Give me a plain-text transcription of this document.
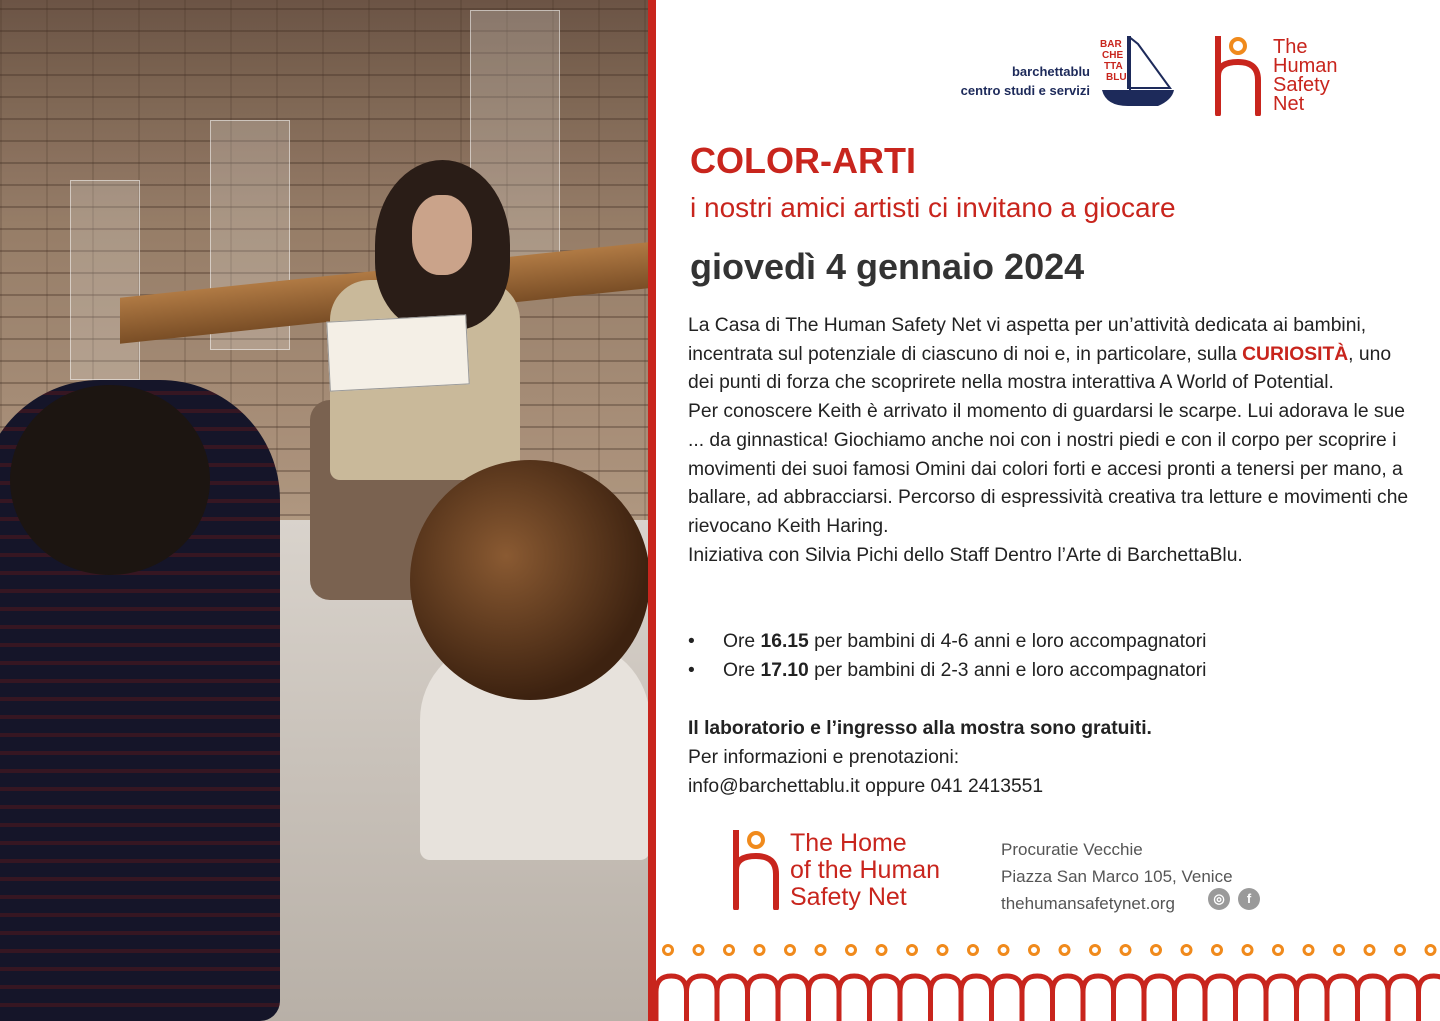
barchettablu
centro studi e servizi
BAR
CHE
TTA
BLU
The
Human
Safety
Net
COLOR-ARTI
i nostri amici artisti ci invitano a giocare
giovedì 4 gennaio 2024

La Casa di The Human Safety Net vi aspetta per un’attività dedicata ai bambini, incentrata sul potenziale di ciascuno di noi e, in particolare, sulla CURIOSITÀ, uno dei punti di forza che scoprirete nella mostra interattiva A World of Potential.

Per conoscere Keith è arrivato il momento di guardarsi le scarpe. Lui adorava le sue ... da ginnastica! Giochiamo anche noi con i nostri piedi e con il corpo per scoprire i movimenti dei suoi famosi Omini dai colori forti e accesi pronti a tenersi per mano, a ballare, ad abbracciarsi. Percorso di espressività creativa tra letture e movimenti che rievocano Keith Haring.

Iniziativa con Silvia Pichi dello Staff Dentro l’Arte di BarchettaBlu.

•	Ore 16.15 per bambini di 4-6 anni e loro accompagnatori
•	Ore 17.10 per bambini di 2-3 anni e loro accompagnatori
Il laboratorio e l’ingresso alla mostra sono gratuiti.
Per informazioni e prenotazioni:
info@barchettablu.it oppure 041 2413551
The Home
of the Human
Safety Net
Procuratie Vecchie
Piazza San Marco 105, Venice
thehumansafetynet.org	◎	f
